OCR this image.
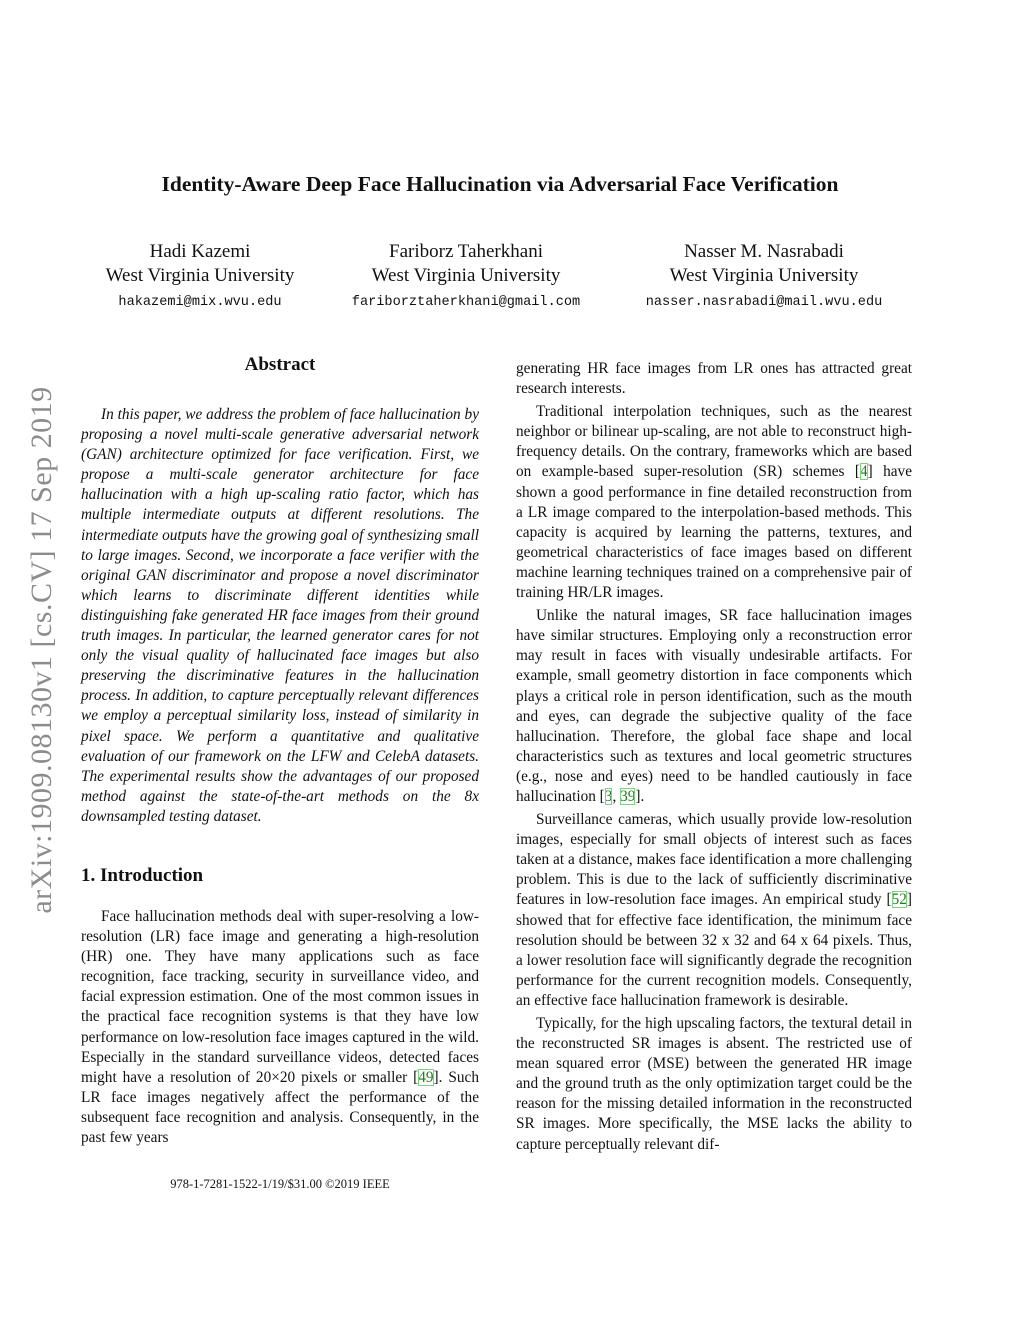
arXiv:1909.08130v1 [cs.CV] 17 Sep 2019
Identity-Aware Deep Face Hallucination via Adversarial Face Verification
Hadi Kazemi
West Virginia University
hakazemi@mix.wvu.edu
Fariborz Taherkhani
West Virginia University
fariborztaherkhani@gmail.com
Nasser M. Nasrabadi
West Virginia University
nasser.nasrabadi@mail.wvu.edu
Abstract

In this paper, we address the problem of face hallucination by proposing a novel multi-scale generative adversarial network (GAN) architecture optimized for face verification. First, we propose a multi-scale generator architecture for face hallucination with a high up-scaling ratio factor, which has multiple intermediate outputs at different resolutions. The intermediate outputs have the growing goal of synthesizing small to large images. Second, we incorporate a face verifier with the original GAN discriminator and propose a novel discriminator which learns to discriminate different identities while distinguishing fake generated HR face images from their ground truth images. In particular, the learned generator cares for not only the visual quality of hallucinated face images but also preserving the discriminative features in the hallucination process. In addition, to capture perceptually relevant differences we employ a perceptual similarity loss, instead of similarity in pixel space. We perform a quantitative and qualitative evaluation of our framework on the LFW and CelebA datasets. The experimental results show the advantages of our proposed method against the state-of-the-art methods on the 8x downsampled testing dataset.

1. Introduction

Face hallucination methods deal with super-resolving a low-resolution (LR) face image and generating a high-resolution (HR) one. They have many applications such as face recognition, face tracking, security in surveillance video, and facial expression estimation. One of the most common issues in the practical face recognition systems is that they have low performance on low-resolution face images captured in the wild. Especially in the standard surveillance videos, detected faces might have a resolution of 20×20 pixels or smaller [49]. Such LR face images negatively affect the performance of the subsequent face recognition and analysis. Consequently, in the past few years

generating HR face images from LR ones has attracted great research interests.

Traditional interpolation techniques, such as the nearest neighbor or bilinear up-scaling, are not able to reconstruct high-frequency details. On the contrary, frameworks which are based on example-based super-resolution (SR) schemes [4] have shown a good performance in fine detailed reconstruction from a LR image compared to the interpolation-based methods. This capacity is acquired by learning the patterns, textures, and geometrical characteristics of face images based on different machine learning techniques trained on a comprehensive pair of training HR/LR images.

Unlike the natural images, SR face hallucination images have similar structures. Employing only a reconstruction error may result in faces with visually undesirable artifacts. For example, small geometry distortion in face components which plays a critical role in person identification, such as the mouth and eyes, can degrade the subjective quality of the face hallucination. Therefore, the global face shape and local characteristics such as textures and local geometric structures (e.g., nose and eyes) need to be handled cautiously in face hallucination [3, 39].

Surveillance cameras, which usually provide low-resolution images, especially for small objects of interest such as faces taken at a distance, makes face identification a more challenging problem. This is due to the lack of sufficiently discriminative features in low-resolution face images. An empirical study [52] showed that for effective face identification, the minimum face resolution should be between 32 x 32 and 64 x 64 pixels. Thus, a lower resolution face will significantly degrade the recognition performance for the current recognition models. Consequently, an effective face hallucination framework is desirable.

Typically, for the high upscaling factors, the textural detail in the reconstructed SR images is absent. The restricted use of mean squared error (MSE) between the generated HR image and the ground truth as the only optimization target could be the reason for the missing detailed information in the reconstructed SR images. More specifically, the MSE lacks the ability to capture perceptually relevant dif-

978-1-7281-1522-1/19/$31.00 ©2019 IEEE
